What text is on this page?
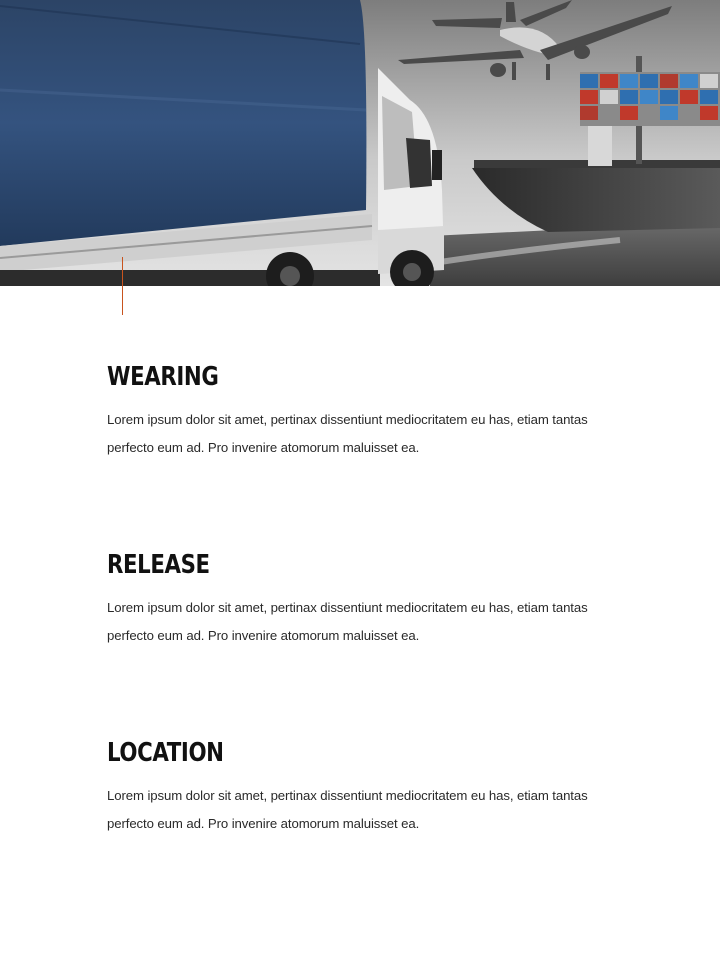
WEARING

Lorem ipsum dolor sit amet, pertinax dissentiunt mediocritatem eu has, etiam tantas perfecto eum ad. Pro invenire atomorum maluisset ea.

RELEASE

Lorem ipsum dolor sit amet, pertinax dissentiunt mediocritatem eu has, etiam tantas perfecto eum ad. Pro invenire atomorum maluisset ea.

LOCATION

Lorem ipsum dolor sit amet, pertinax dissentiunt mediocritatem eu has, etiam tantas perfecto eum ad. Pro invenire atomorum maluisset ea.
